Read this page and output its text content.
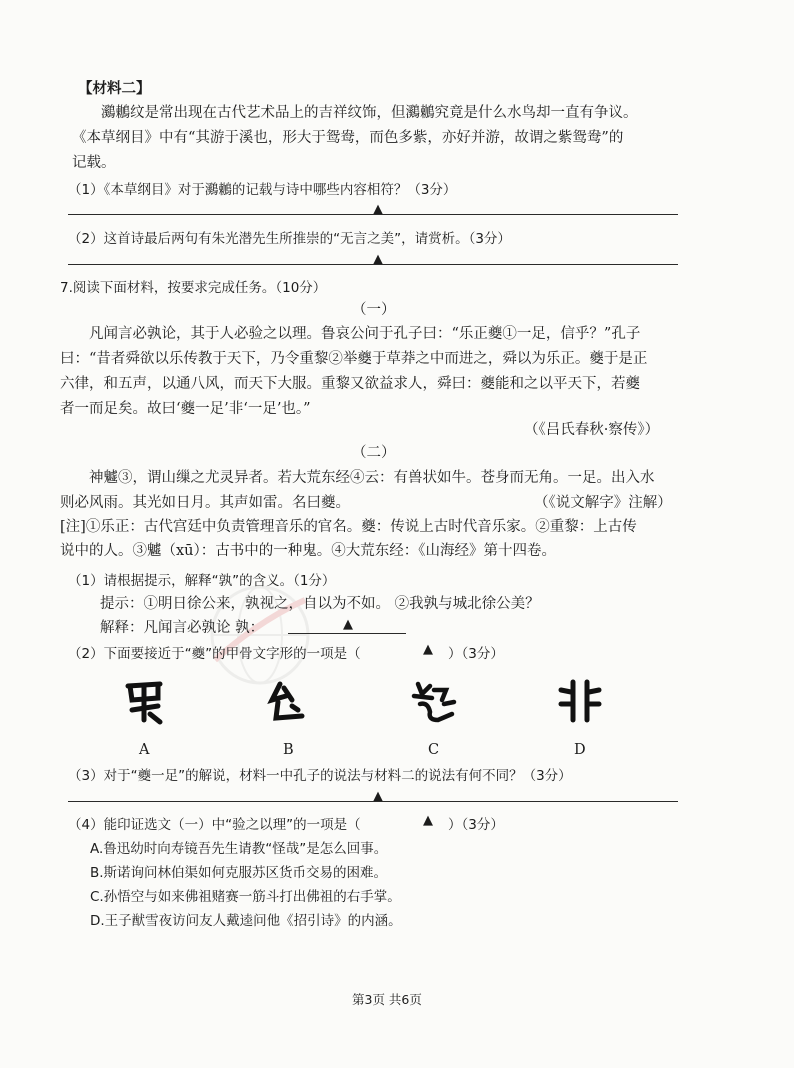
【材料二】
鸂鶒纹是常出现在古代艺术品上的吉祥纹饰，但鸂鶒究竟是什么水鸟却一直有争议。
《本草纲目》中有“其游于溪也，形大于鸳鸯，而色多紫，亦好并游，故谓之紫鸳鸯”的
记载。
（1）《本草纲目》对于鸂鶒的记载与诗中哪些内容相符？（3分）
▲
（2）这首诗最后两句有朱光潜先生所推崇的“无言之美”，请赏析。（3分）
▲
7.阅读下面材料，按要求完成任务。（10分）
（一）
凡闻言必孰论，其于人必验之以理。鲁哀公问于孔子曰：“乐正夔①一足，信乎？”孔子
曰：“昔者舜欲以乐传教于天下，乃令重黎②举夔于草莽之中而进之，舜以为乐正。夔于是正
六律，和五声，以通八风，而天下大服。重黎又欲益求人，舜曰：夔能和之以平天下，若夔
者一而足矣。故曰‘夔一足’非‘一足’也。”
（《吕氏春秋·察传》）
（二）
神魖③，谓山缫之尤灵异者。若大荒东经④云：有兽状如牛。苍身而无角。一足。出入水
则必风雨。其光如日月。其声如雷。名曰夔。	（《说文解字》注解）
[注]①乐正：古代宫廷中负责管理音乐的官名。夔：传说上古时代音乐家。②重黎：上古传
说中的人。③魖（xū）：古书中的一种鬼。④大荒东经：《山海经》第十四卷。
（1）请根据提示，解释“孰”的含义。（1分）
提示：①明日徐公来，孰视之，自以为不如。 ②我孰与城北徐公美？
解释：凡闻言必孰论 孰：	▲
（2）下面要接近于“夔”的甲骨文字形的一项是（	▲ ）（3分）
A	B	C	D
（3）对于“夔一足”的解说，材料一中孔子的说法与材料二的说法有何不同？（3分）
▲
（4）能印证选文（一）中“验之以理”的一项是（	▲ ）（3分）
A.鲁迅幼时向寿镜吾先生请教“怪哉”是怎么回事。
B.斯诺询问林伯渠如何克服苏区货币交易的困难。
C.孙悟空与如来佛祖赌赛一筋斗打出佛祖的右手掌。
D.王子猷雪夜访问友人戴逵问他《招引诗》的内涵。
第3页 共6页
